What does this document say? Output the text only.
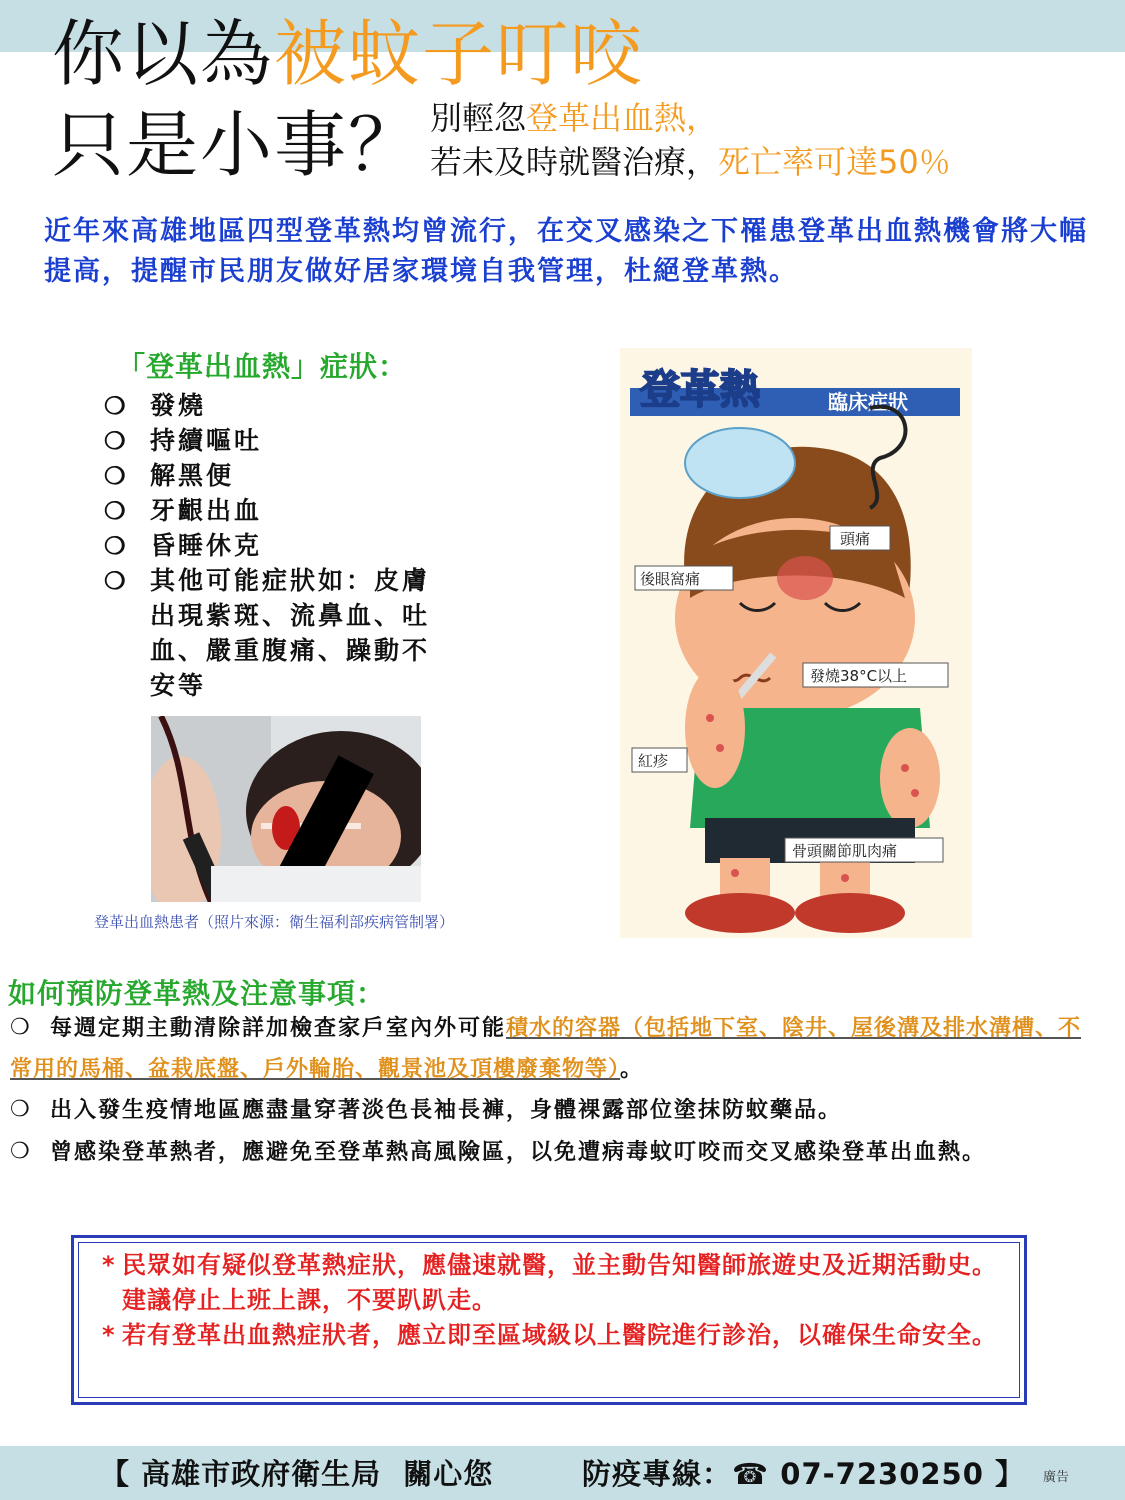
你以為被蚊子叮咬
只是小事？ 別輕忽登革出血熱，
若未及時就醫治療，死亡率可達50％
近年來高雄地區四型登革熱均曾流行，在交叉感染之下罹患登革出血熱機會將大幅提高，提醒市民朋友做好居家環境自我管理，杜絕登革熱。
「登革出血熱」症狀：
❍ 發燒
❍ 持續嘔吐
❍ 解黑便
❍ 牙齦出血
❍ 昏睡休克
❍ 其他可能症狀如：皮膚出現紫斑、流鼻血、吐血、嚴重腹痛、躁動不安等
登革出血熱患者（照片來源：衛生福利部疾病管制署）
登革熱	臨床症狀
頭痛
後眼窩痛
發燒38°C以上
紅疹
骨頭關節肌肉痛
如何預防登革熱及注意事項：
❍ 每週定期主動清除詳加檢查家戶室內外可能積水的容器（包括地下室、陰井、屋後溝及排水溝槽、不常用的馬桶、盆栽底盤、戶外輪胎、觀景池及頂樓廢棄物等）。
❍ 出入發生疫情地區應盡量穿著淡色長袖長褲，身體裸露部位塗抹防蚊藥品。
❍ 曾感染登革熱者，應避免至登革熱高風險區，以免遭病毒蚊叮咬而交叉感染登革出血熱。
* 民眾如有疑似登革熱症狀，應儘速就醫，並主動告知醫師旅遊史及近期活動史。建議停止上班上課，不要趴趴走。
* 若有登革出血熱症狀者，應立即至區域級以上醫院進行診治，以確保生命安全。
【 高雄市政府衛生局  關心您        防疫專線：☎ 07-7230250 】 廣告
